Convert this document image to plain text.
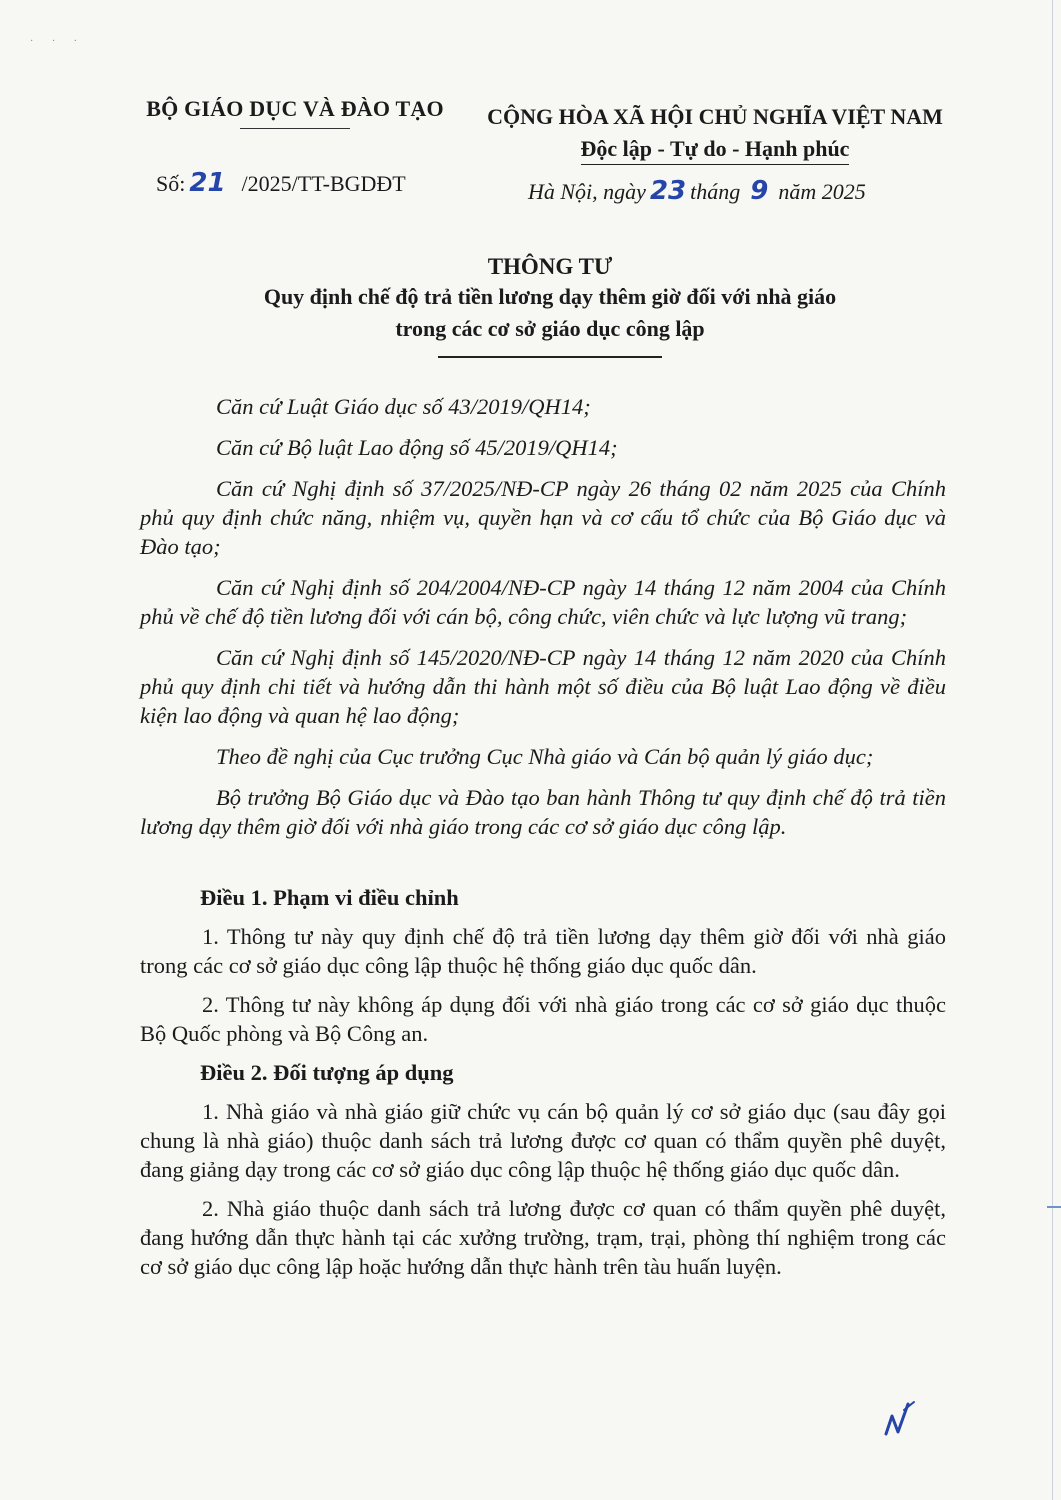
· · ·
BỘ GIÁO DỤC VÀ ĐÀO TẠO	CỘNG HÒA XÃ HỘI CHỦ NGHĨA VIỆT NAM
Độc lập - Tự do - Hạnh phúc
Số: 21 /2025/TT-BGDĐT	Hà Nội, ngày 23 tháng 9 năm 2025
THÔNG TƯ
Quy định chế độ trả tiền lương dạy thêm giờ đối với nhà giáo
trong các cơ sở giáo dục công lập

Căn cứ Luật Giáo dục số 43/2019/QH14;

Căn cứ Bộ luật Lao động số 45/2019/QH14;

Căn cứ Nghị định số 37/2025/NĐ-CP ngày 26 tháng 02 năm 2025 của Chính phủ quy định chức năng, nhiệm vụ, quyền hạn và cơ cấu tổ chức của Bộ Giáo dục và Đào tạo;

Căn cứ Nghị định số 204/2004/NĐ-CP ngày 14 tháng 12 năm 2004 của Chính phủ về chế độ tiền lương đối với cán bộ, công chức, viên chức và lực lượng vũ trang;

Căn cứ Nghị định số 145/2020/NĐ-CP ngày 14 tháng 12 năm 2020 của Chính phủ quy định chi tiết và hướng dẫn thi hành một số điều của Bộ luật Lao động về điều kiện lao động và quan hệ lao động;

Theo đề nghị của Cục trưởng Cục Nhà giáo và Cán bộ quản lý giáo dục;

Bộ trưởng Bộ Giáo dục và Đào tạo ban hành Thông tư quy định chế độ trả tiền lương dạy thêm giờ đối với nhà giáo trong các cơ sở giáo dục công lập.

Điều 1. Phạm vi điều chỉnh

1. Thông tư này quy định chế độ trả tiền lương dạy thêm giờ đối với nhà giáo trong các cơ sở giáo dục công lập thuộc hệ thống giáo dục quốc dân.

2. Thông tư này không áp dụng đối với nhà giáo trong các cơ sở giáo dục thuộc Bộ Quốc phòng và Bộ Công an.

Điều 2. Đối tượng áp dụng

1. Nhà giáo và nhà giáo giữ chức vụ cán bộ quản lý cơ sở giáo dục (sau đây gọi chung là nhà giáo) thuộc danh sách trả lương được cơ quan có thẩm quyền phê duyệt, đang giảng dạy trong các cơ sở giáo dục công lập thuộc hệ thống giáo dục quốc dân.

2. Nhà giáo thuộc danh sách trả lương được cơ quan có thẩm quyền phê duyệt, đang hướng dẫn thực hành tại các xưởng trường, trạm, trại, phòng thí nghiệm trong các cơ sở giáo dục công lập hoặc hướng dẫn thực hành trên tàu huấn luyện.
